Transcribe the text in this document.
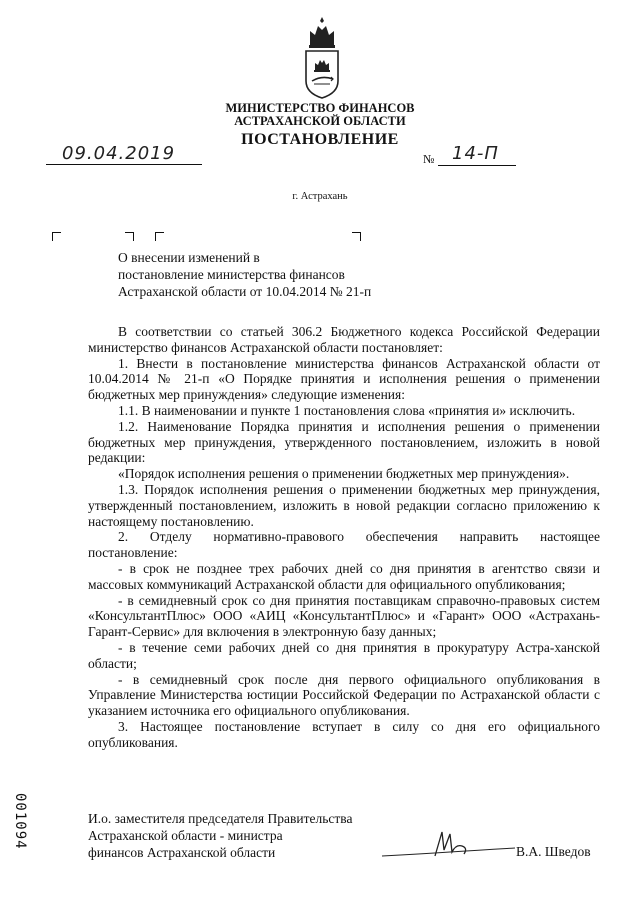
МИНИСТЕРСТВО ФИНАНСОВ
АСТРАХАНСКОЙ ОБЛАСТИ
ПОСТАНОВЛЕНИЕ
09.04.2019	№ 14-П
г. Астрахань
О внесении изменений в
постановление министерства финансов
Астраханской области от 10.04.2014 № 21-п

В соответствии со статьей 306.2 Бюджетного кодекса Российской Федерации министерство финансов Астраханской области постановляет:

1. Внести в постановление министерства финансов Астраханской области от 10.04.2014 № 21-п «О Порядке принятия и исполнения решения о применении бюджетных мер принуждения» следующие изменения:

1.1. В наименовании и пункте 1 постановления слова «принятия и» исключить.

1.2. Наименование Порядка принятия и исполнения решения о применении бюджетных мер принуждения, утвержденного постановлением, изложить в новой редакции:

«Порядок исполнения решения о применении бюджетных мер принуждения».

1.3. Порядок исполнения решения о применении бюджетных мер принуждения, утвержденный постановлением, изложить в новой редакции согласно приложению к настоящему постановлению.

2. Отделу нормативно-правового обеспечения направить настоящее постановление:

- в срок не позднее трех рабочих дней со дня принятия в агентство связи и массовых коммуникаций Астраханской области для официального опубликования;

- в семидневный срок со дня принятия поставщикам справочно-правовых систем «КонсультантПлюс» ООО «АИЦ «КонсультантПлюс» и «Гарант» ООО «Астрахань-Гарант-Сервис» для включения в электронную базу данных;

- в течение семи рабочих дней со дня принятия в прокуратуру Астра-ханской области;

- в семидневный срок после дня первого официального опубликования в Управление Министерства юстиции Российской Федерации по Астраханской области с указанием источника его официального опубликования.

3. Настоящее постановление вступает в силу со дня его официального опубликования.

И.о. заместителя председателя Правительства
Астраханской области - министра
финансов Астраханской области	В.А. Шведов
001094
